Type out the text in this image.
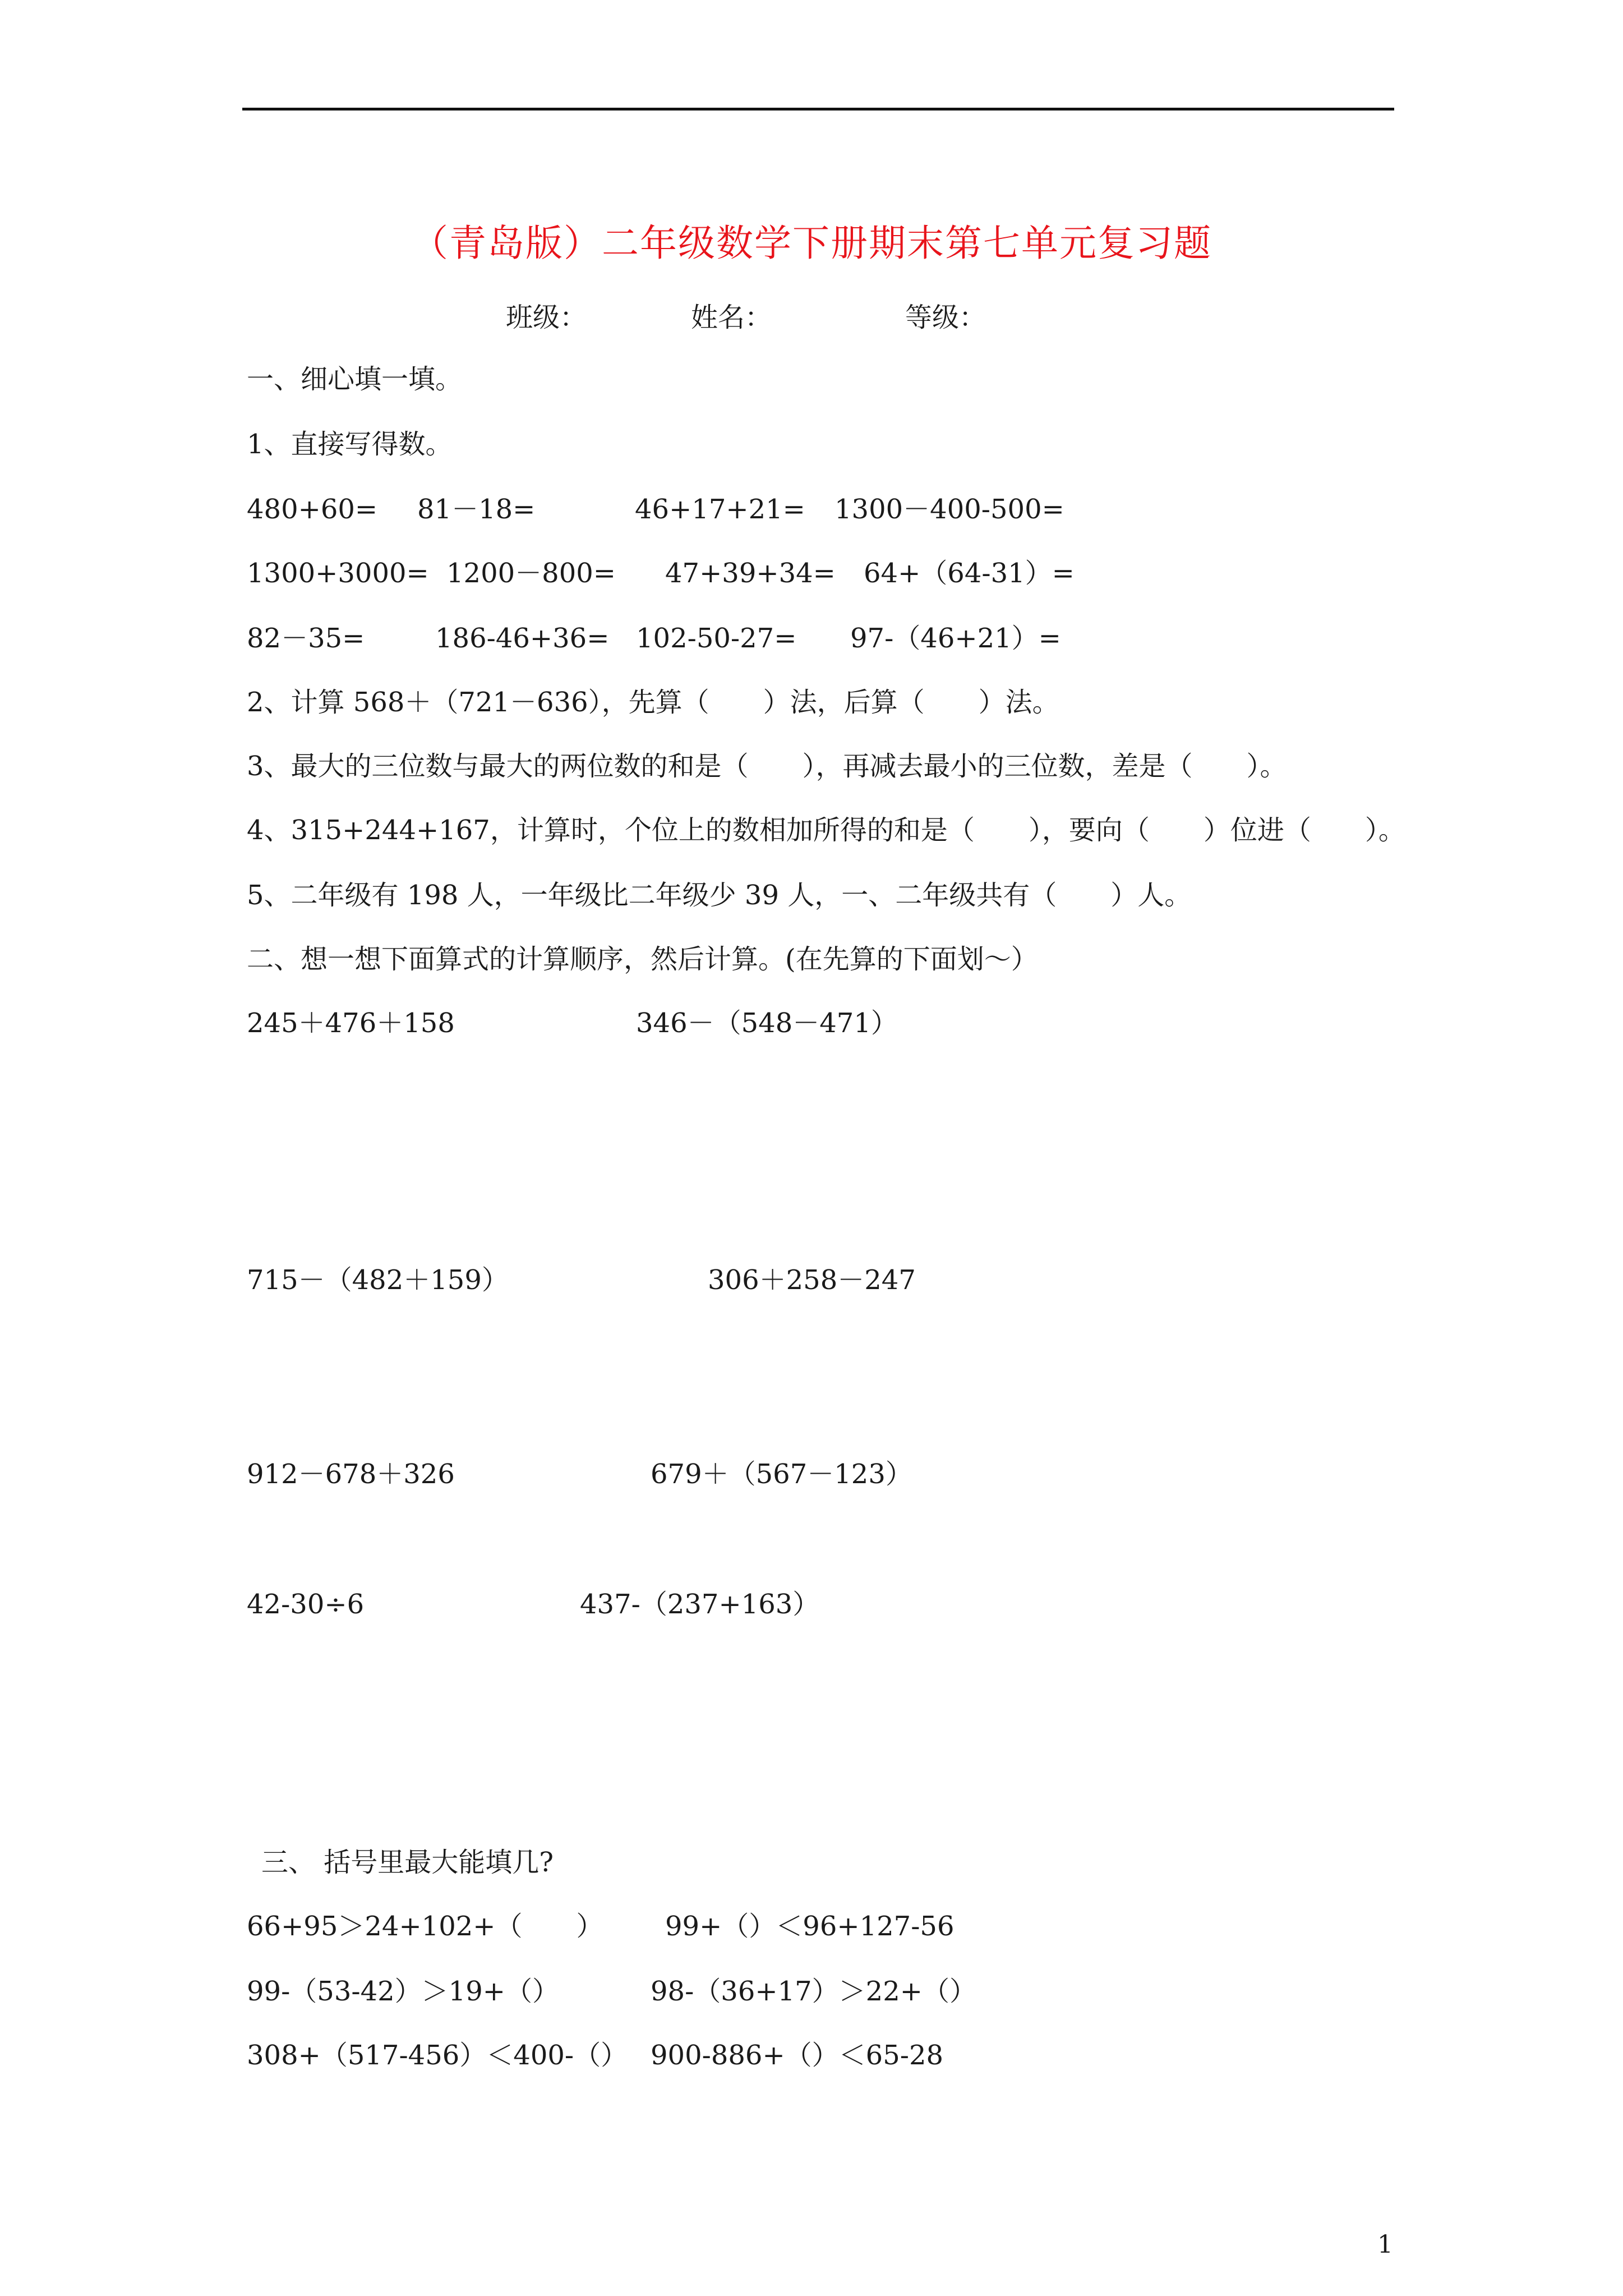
（青岛版）二年级数学下册期末第七单元复习题
班级：	姓名：	等级：
一、细心填一填。
1、直接写得数。
480+60= 81－18=	46+17+21= 1300－400-500=
1300+3000= 1200－800= 47+39+34= 64+（64-31）=
82－35=	186-46+36= 102-50-27= 97-（46+21）=
2、计算 568＋（721－636），先算（　　）法，后算（　　）法。
3、最大的三位数与最大的两位数的和是（　　），再减去最小的三位数，差是（　　）。
4、315+244+167，计算时，个位上的数相加所得的和是（　　），要向（　　）位进（　　）。
5、二年级有 198 人，一年级比二年级少 39 人，一、二年级共有（　　）人。
二、想一想下面算式的计算顺序，然后计算。(在先算的下面划～）
245＋476＋158	346－（548－471）
715－（482＋159）	306＋258－247
912－678＋326	679＋（567－123）
42-30÷6	437-（237+163）
三、 括号里最大能填几?
66+95＞24+102+（　　） 99+（）＜96+127-56
99-（53-42）＞19+（）	98-（36+17）＞22+（）
308+（517-456）＜400-（） 900-886+（）＜65-28
1
